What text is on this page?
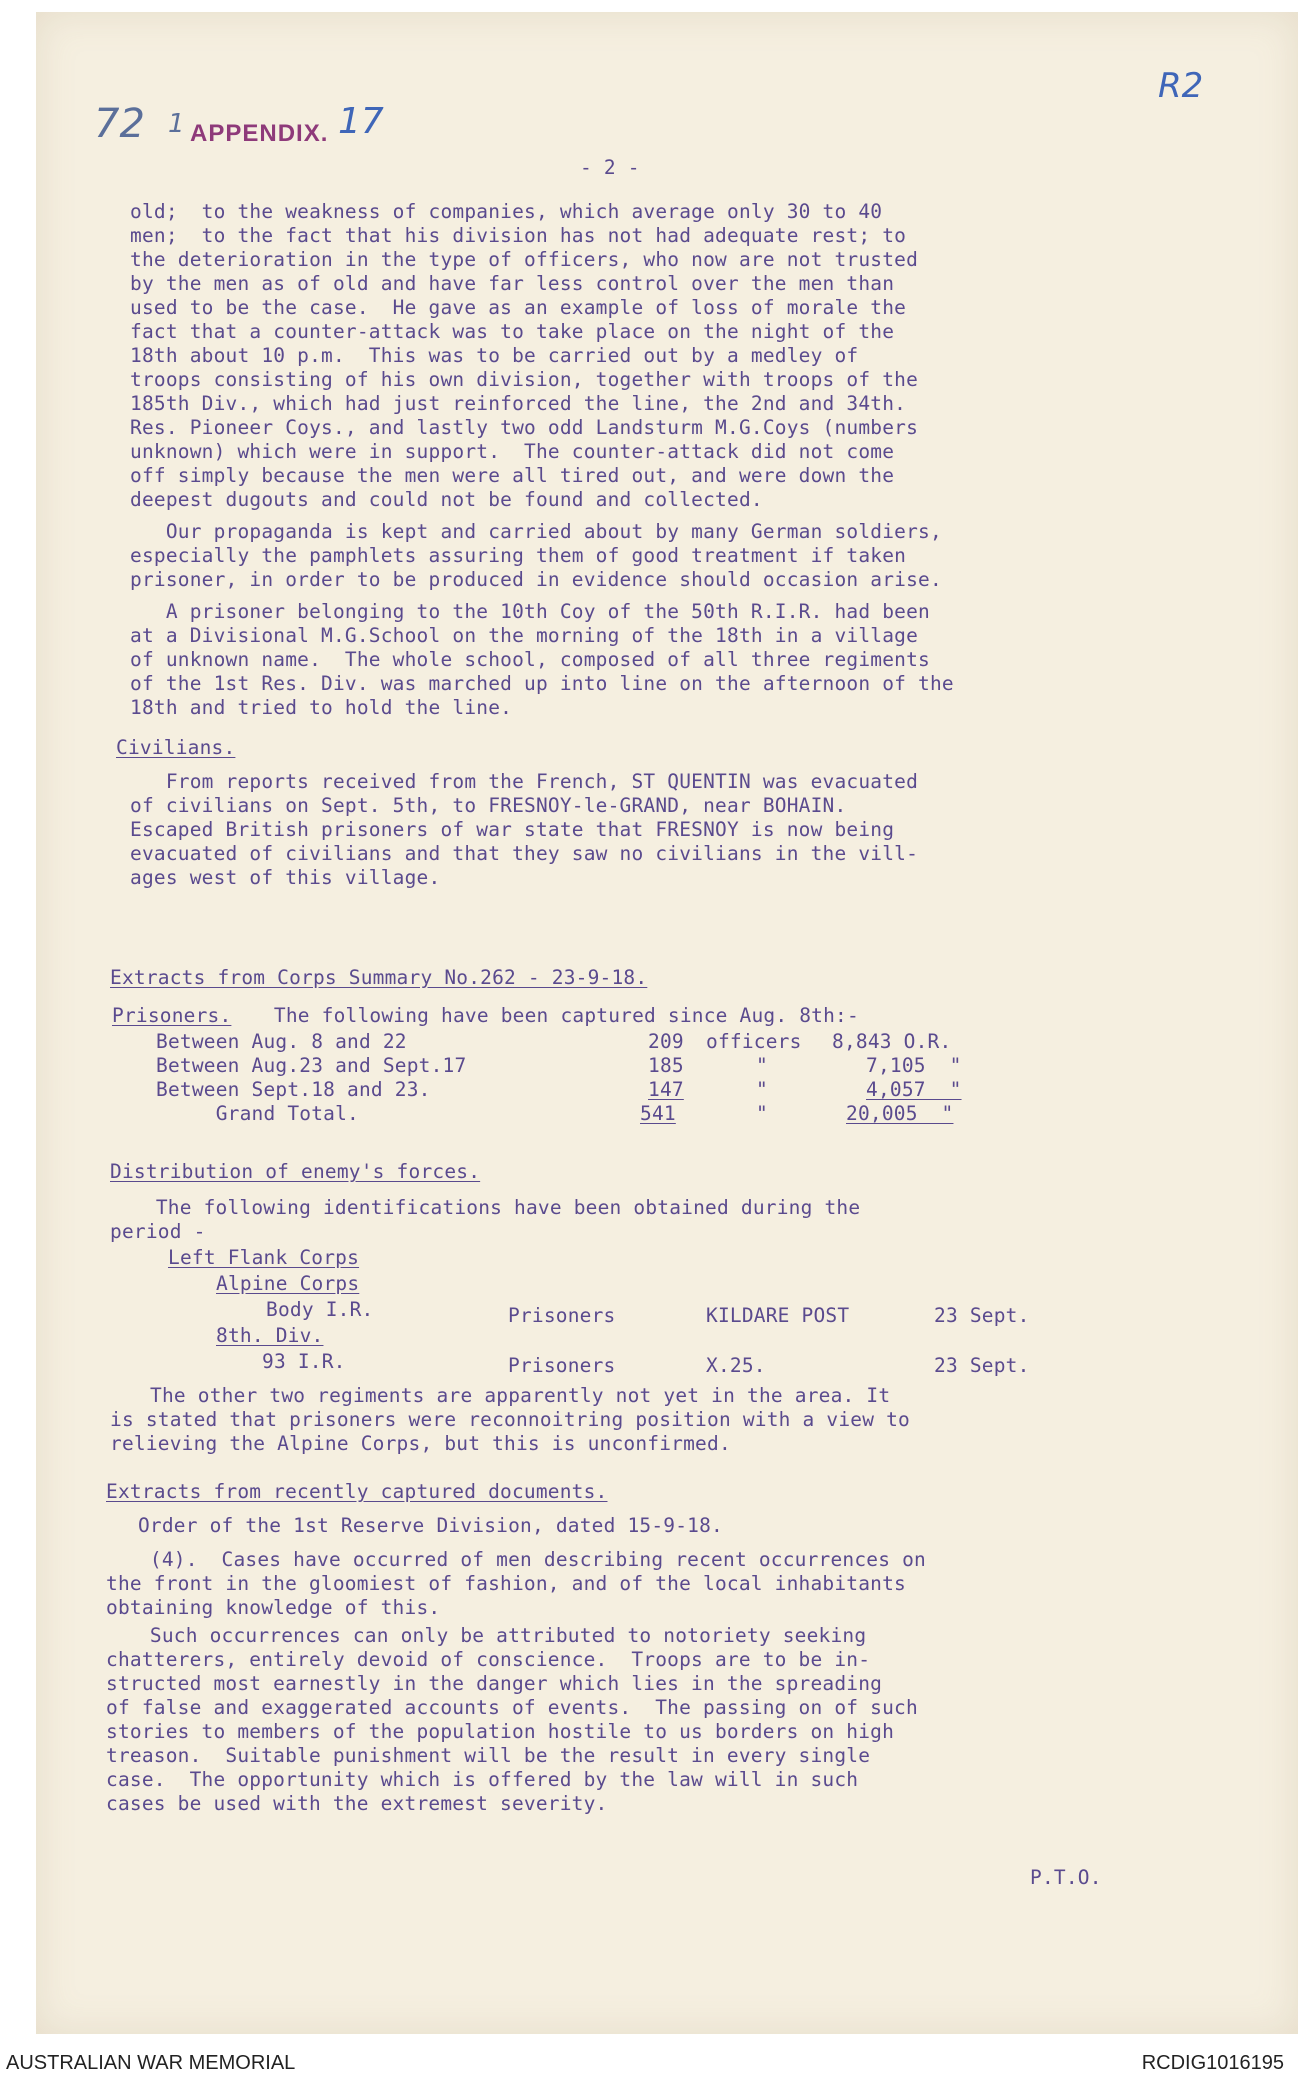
72 1 APPENDIX. 17
R2
- 2 -
old;  to the weakness of companies, which average only 30 to 40
men;  to the fact that his division has not had adequate rest; to
the deterioration in the type of officers, who now are not trusted
by the men as of old and have far less control over the men than
used to be the case.  He gave as an example of loss of morale the
fact that a counter-attack was to take place on the night of the
18th about 10 p.m.  This was to be carried out by a medley of
troops consisting of his own division, together with troops of the
185th Div., which had just reinforced the line, the 2nd and 34th.
Res. Pioneer Coys., and lastly two odd Landsturm M.G.Coys (numbers
unknown) which were in support.  The counter-attack did not come
off simply because the men were all tired out, and were down the
deepest dugouts and could not be found and collected.
Our propaganda is kept and carried about by many German soldiers,
especially the pamphlets assuring them of good treatment if taken
prisoner, in order to be produced in evidence should occasion arise.
A prisoner belonging to the 10th Coy of the 50th R.I.R. had been
at a Divisional M.G.School on the morning of the 18th in a village
of unknown name.  The whole school, composed of all three regiments
of the 1st Res. Div. was marched up into line on the afternoon of the
18th and tried to hold the line.
Civilians.
From reports received from the French, ST QUENTIN was evacuated
of civilians on Sept. 5th, to FRESNOY-le-GRAND, near BOHAIN.
Escaped British prisoners of war state that FRESNOY is now being
evacuated of civilians and that they saw no civilians in the vill-
ages west of this village.
Extracts from Corps Summary No.262 - 23-9-18.
Prisoners. The following have been captured since Aug. 8th:-
Between Aug. 8 and 22	209 officers 8,843 O.R.
Between Aug.23 and Sept.17	185	"	7,105  "
Between Sept.18 and 23.	147	"	4,057  "
Grand Total.	541	"	20,005  "
Distribution of enemy's forces.
The following identifications have been obtained during the
period -
Left Flank Corps
Alpine Corps
Body I.R.	Prisoners	KILDARE POST	23 Sept.
8th. Div.
93 I.R.	Prisoners	X.25.	23 Sept.
The other two regiments are apparently not yet in the area. It
is stated that prisoners were reconnoitring position with a view to
relieving the Alpine Corps, but this is unconfirmed.
Extracts from recently captured documents.
Order of the 1st Reserve Division, dated 15-9-18.
(4).  Cases have occurred of men describing recent occurrences on
the front in the gloomiest of fashion, and of the local inhabitants
obtaining knowledge of this.
Such occurrences can only be attributed to notoriety seeking
chatterers, entirely devoid of conscience.  Troops are to be in-
structed most earnestly in the danger which lies in the spreading
of false and exaggerated accounts of events.  The passing on of such
stories to members of the population hostile to us borders on high
treason.  Suitable punishment will be the result in every single
case.  The opportunity which is offered by the law will in such
cases be used with the extremest severity.
P.T.O.
AUSTRALIAN WAR MEMORIAL	RCDIG1016195
